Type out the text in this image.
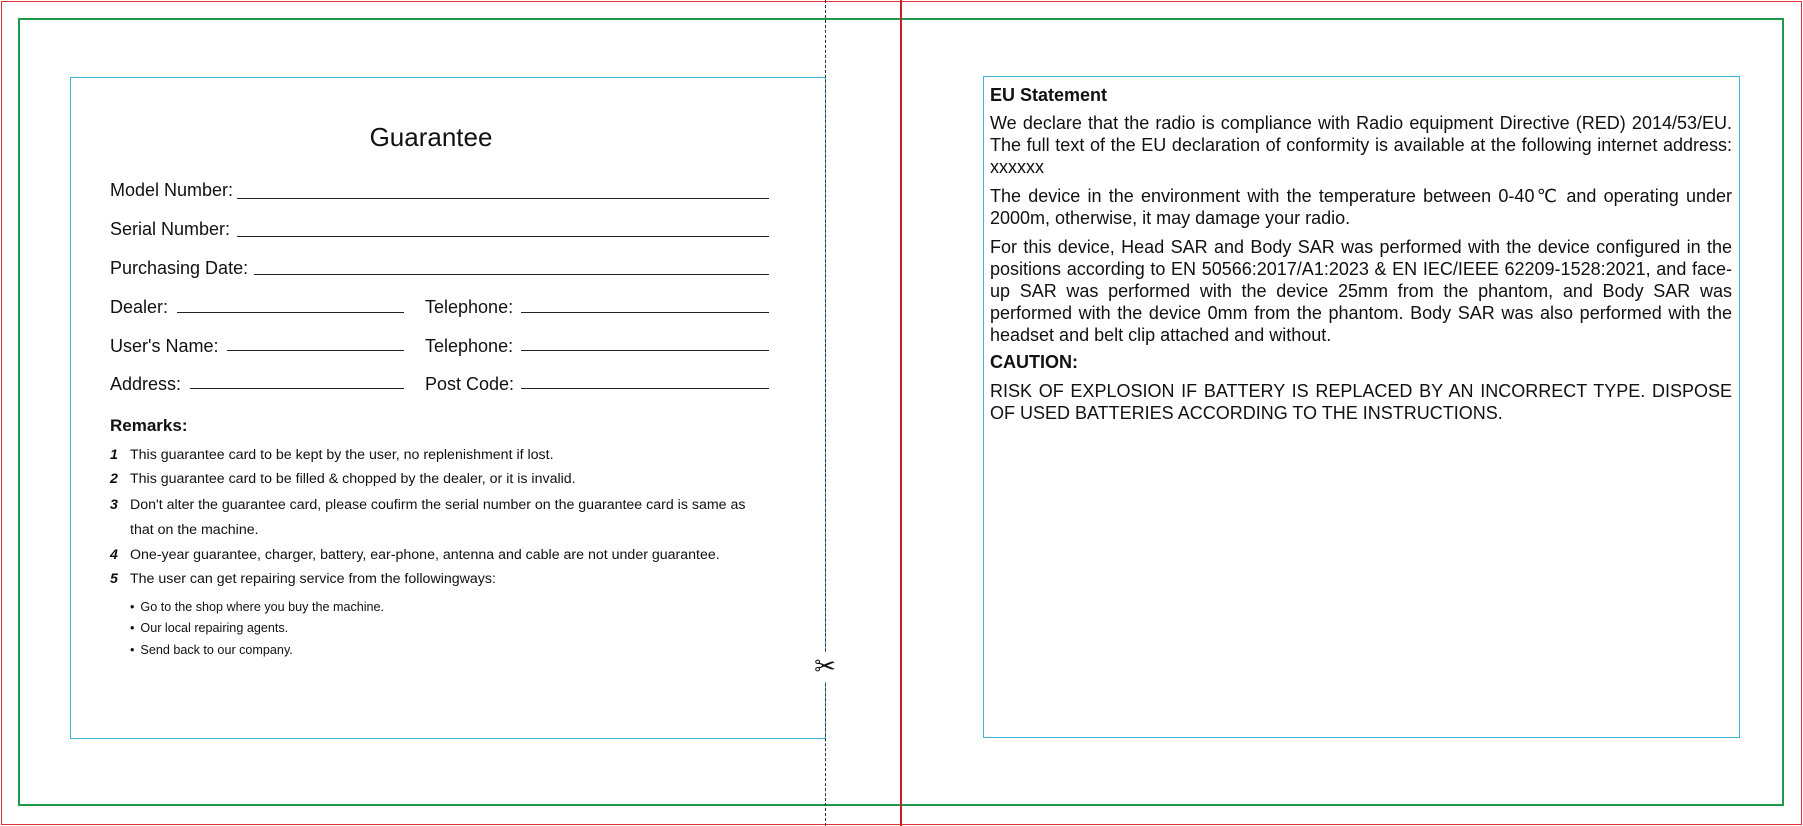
Guarantee
Model Number:
Serial Number:
Purchasing Date:
Dealer:	Telephone:
User's Name:	Telephone:
Address:	Post Code:
Remarks:
1 This guarantee card to be kept by the user, no replenishment if lost.
2 This guarantee card to be filled & chopped by the dealer, or it is invalid.
3 Don't alter the guarantee card, please coufirm the serial number on the guarantee card is same as that on the machine.
4 One-year guarantee, charger, battery, ear-phone, antenna and cable are not under guarantee.
5 The user can get repairing service from the followingways:
• Go to the shop where you buy the machine.
• Our local repairing agents.
• Send back to our company.
✂
EU Statement
We declare that the radio is compliance with Radio equipment Directive (RED) 2014/53/EU. The full text of the EU declaration of conformity is available at the following internet address: xxxxxx
The device in the environment with the temperature between 0-40℃ and operating under 2000m, otherwise, it may damage your radio.
For this device, Head SAR and Body SAR was performed with the device configured in the positions according to EN 50566:2017/A1:2023 & EN IEC/IEEE 62209-1528:2021, and face-up SAR was performed with the device 25mm from the phantom, and Body SAR was performed with the device 0mm from the phantom. Body SAR was also performed with the headset and belt clip attached and without.
CAUTION:
RISK OF EXPLOSION IF BATTERY IS REPLACED BY AN INCORRECT TYPE. DISPOSE OF USED BATTERIES ACCORDING TO THE INSTRUCTIONS.
